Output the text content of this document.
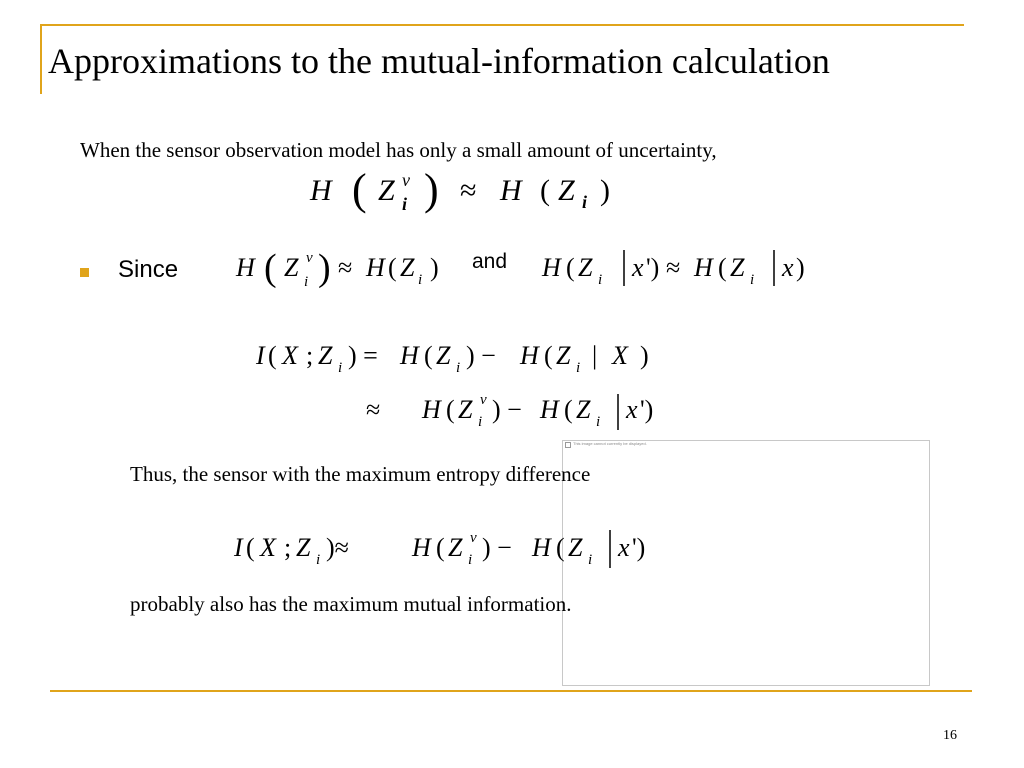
Approximations to the mutual-information calculation
When the sensor observation model has only a small amount of uncertainty,
H ( Z v
i ) ≈ H ( Z i )
Since H ( Z v
i ) ≈ H ( Z i ) and H ( Z i x ') ≈ H ( Z i x )
I ( X ; Z i ) = H ( Z i ) − H ( Z i | X )
≈ H ( Z v
i ) − H ( Z i x ')
This image cannot currently be displayed.
Thus, the sensor with the maximum entropy difference
I ( X ; Z i )≈ H ( Z v
i ) − H ( Z i x ')
probably also has the maximum mutual information.
16
